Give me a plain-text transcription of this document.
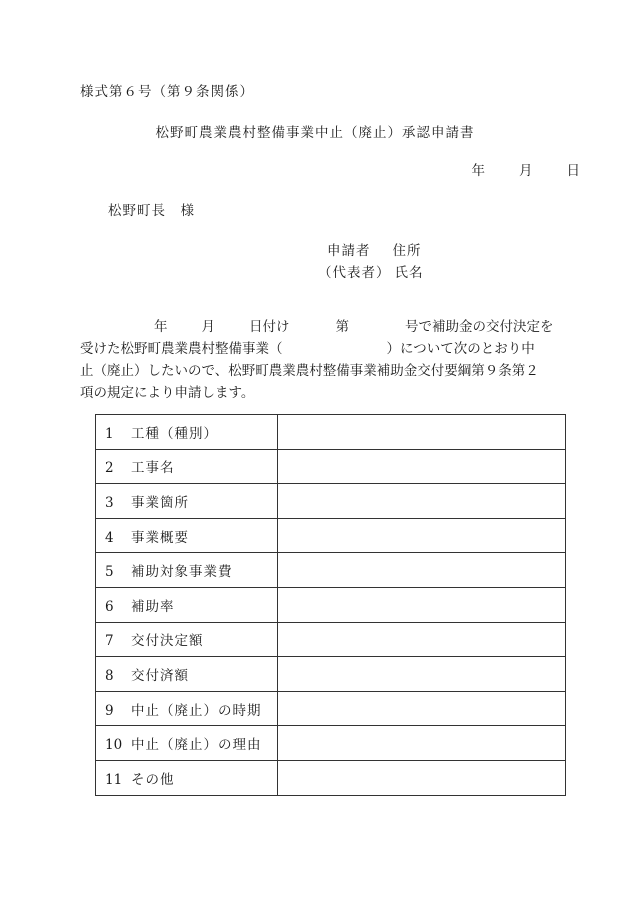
様式第６号（第９条関係）
松野町農業農村整備事業中止（廃止）承認申請書
年	月	日
松野町長　様
申請者 住所
（代表者） 氏名
年	月	日付け	第	号で補助金の交付決定を
受けた松野町農業農村整備事業（	）について次のとおり中
止（廃止）したいので、松野町農業農村整備事業補助金交付要綱第９条第２
項の規定により申請します。
1 工種（種別）	
2 工事名	
3 事業箇所	
4 事業概要	
5 補助対象事業費	
6 補助率	
7 交付決定額	
8 交付済額	
9 中止（廃止）の時期	
10 中止（廃止）の理由	
11 その他	
